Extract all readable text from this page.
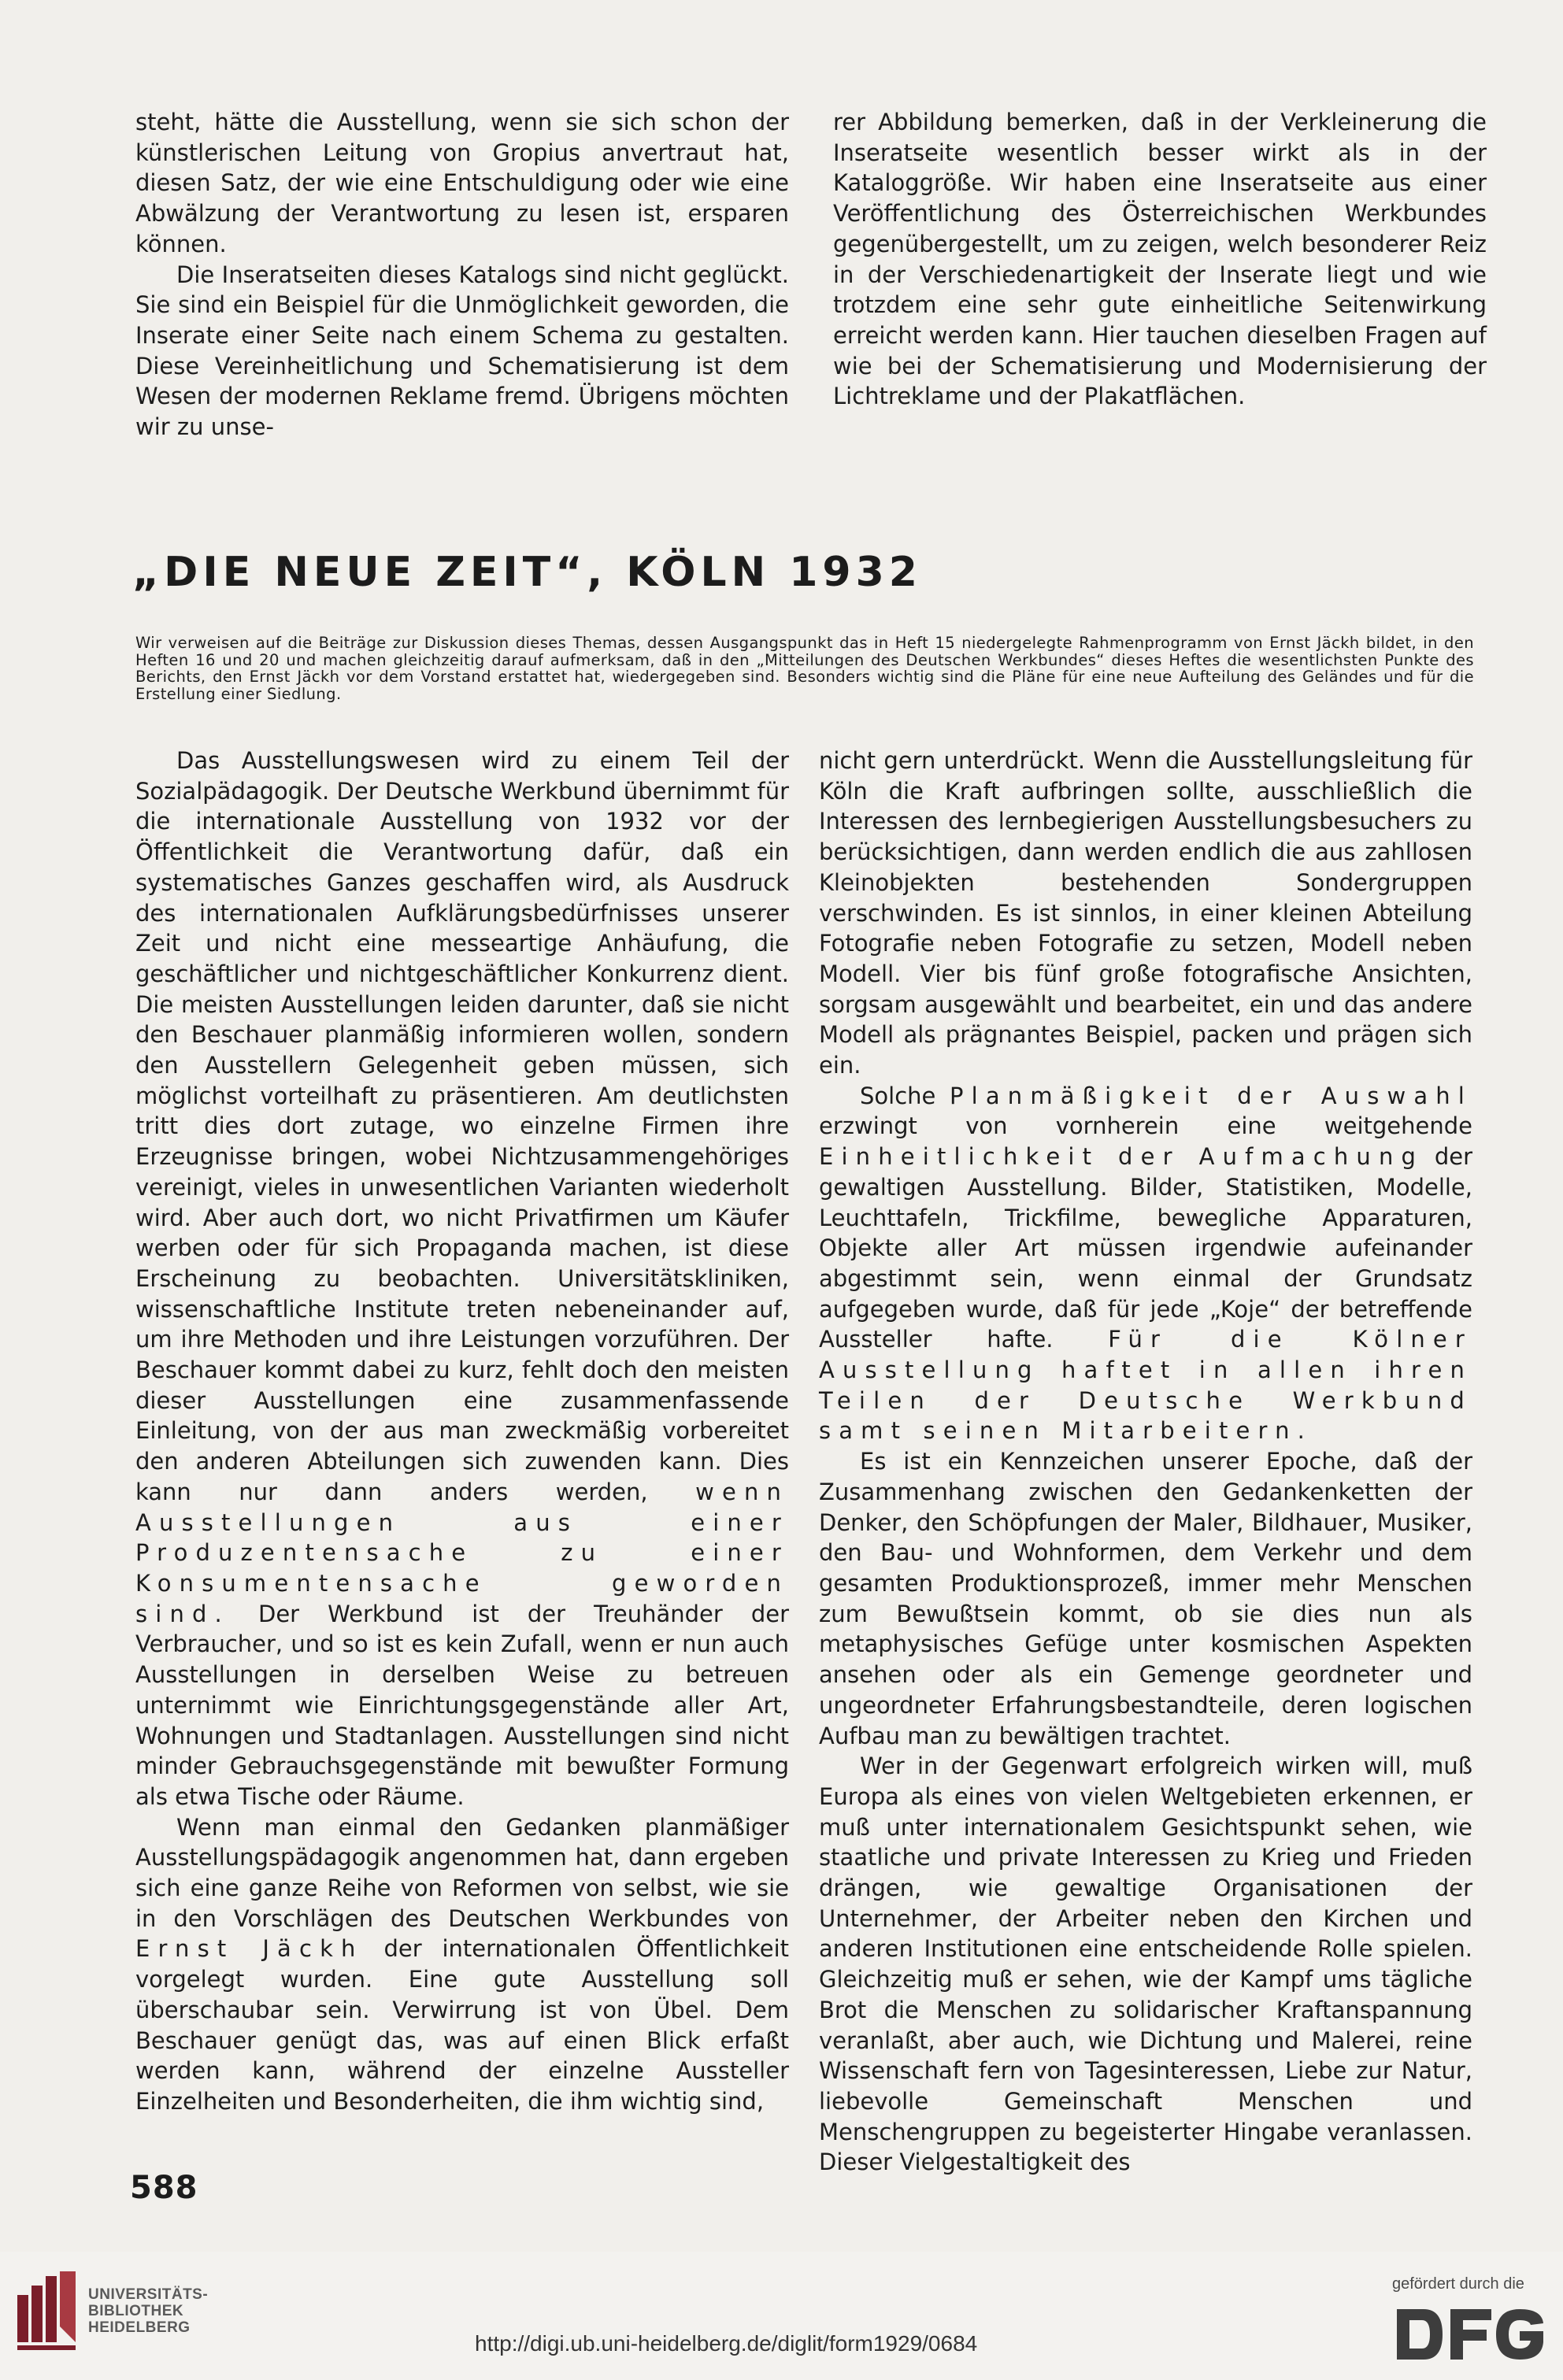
steht, hätte die Ausstellung, wenn sie sich schon der künstlerischen Leitung von Gropius anvertraut hat, diesen Satz, der wie eine Entschuldigung oder wie eine Abwälzung der Verantwortung zu lesen ist, ersparen können.

Die Inseratseiten dieses Katalogs sind nicht geglückt. Sie sind ein Beispiel für die Unmöglichkeit geworden, die Inserate einer Seite nach einem Schema zu gestalten. Diese Vereinheitlichung und Schematisierung ist dem Wesen der modernen Reklame fremd. Übrigens möchten wir zu unse-

rer Abbildung bemerken, daß in der Verkleinerung die Inseratseite wesentlich besser wirkt als in der Kataloggröße. Wir haben eine Inseratseite aus einer Veröffentlichung des Österreichischen Werkbundes gegenübergestellt, um zu zeigen, welch besonderer Reiz in der Verschiedenartigkeit der Inserate liegt und wie trotzdem eine sehr gute einheitliche Seitenwirkung erreicht werden kann. Hier tauchen dieselben Fragen auf wie bei der Schematisierung und Modernisierung der Lichtreklame und der Plakatflächen.

„DIE NEUE ZEIT“, KÖLN 1932

Wir verweisen auf die Beiträge zur Diskussion dieses Themas, dessen Ausgangspunkt das in Heft 15 niedergelegte Rahmenprogramm von Ernst Jäckh bildet, in den Heften 16 und 20 und machen gleichzeitig darauf aufmerksam, daß in den „Mitteilungen des Deutschen Werkbundes“ dieses Heftes die wesentlichsten Punkte des Berichts, den Ernst Jäckh vor dem Vorstand erstattet hat, wiedergegeben sind. Besonders wichtig sind die Pläne für eine neue Aufteilung des Geländes und für die Erstellung einer Siedlung.

Das Ausstellungswesen wird zu einem Teil der Sozialpädagogik. Der Deutsche Werkbund übernimmt für die internationale Ausstellung von 1932 vor der Öffentlichkeit die Verantwortung dafür, daß ein systematisches Ganzes geschaffen wird, als Ausdruck des internationalen Aufklärungsbedürfnisses unserer Zeit und nicht eine messeartige Anhäufung, die geschäftlicher und nichtgeschäftlicher Konkurrenz dient. Die meisten Ausstellungen leiden darunter, daß sie nicht den Beschauer planmäßig informieren wollen, sondern den Ausstellern Gelegenheit geben müssen, sich möglichst vorteilhaft zu präsentieren. Am deutlichsten tritt dies dort zutage, wo einzelne Firmen ihre Erzeugnisse bringen, wobei Nichtzusammengehöriges vereinigt, vieles in unwesentlichen Varianten wiederholt wird. Aber auch dort, wo nicht Privatfirmen um Käufer werben oder für sich Propaganda machen, ist diese Erscheinung zu beobachten. Universitätskliniken, wissenschaftliche Institute treten nebeneinander auf, um ihre Methoden und ihre Leistungen vorzuführen. Der Beschauer kommt dabei zu kurz, fehlt doch den meisten dieser Ausstellungen eine zusammenfassende Einleitung, von der aus man zweckmäßig vorbereitet den anderen Abteilungen sich zuwenden kann. Dies kann nur dann anders werden, wenn Ausstellungen aus einer Produzentensache zu einer Konsumentensache geworden sind. Der Werkbund ist der Treuhänder der Verbraucher, und so ist es kein Zufall, wenn er nun auch Ausstellungen in derselben Weise zu betreuen unternimmt wie Einrichtungsgegenstände aller Art, Wohnungen und Stadtanlagen. Ausstellungen sind nicht minder Gebrauchsgegenstände mit bewußter Formung als etwa Tische oder Räume.

Wenn man einmal den Gedanken planmäßiger Ausstellungspädagogik angenommen hat, dann ergeben sich eine ganze Reihe von Reformen von selbst, wie sie in den Vorschlägen des Deutschen Werkbundes von Ernst Jäckh der internationalen Öffentlichkeit vorgelegt wurden. Eine gute Ausstellung soll überschaubar sein. Verwirrung ist von Übel. Dem Beschauer genügt das, was auf einen Blick erfaßt werden kann, während der einzelne Aussteller Einzelheiten und Besonderheiten, die ihm wichtig sind,

nicht gern unterdrückt. Wenn die Ausstellungsleitung für Köln die Kraft aufbringen sollte, ausschließlich die Interessen des lernbegierigen Ausstellungsbesuchers zu berücksichtigen, dann werden endlich die aus zahllosen Kleinobjekten bestehenden Sondergruppen verschwinden. Es ist sinnlos, in einer kleinen Abteilung Fotografie neben Fotografie zu setzen, Modell neben Modell. Vier bis fünf große fotografische Ansichten, sorgsam ausgewählt und bearbeitet, ein und das andere Modell als prägnantes Beispiel, packen und prägen sich ein.

Solche Planmäßigkeit der Auswahl erzwingt von vornherein eine weitgehende Einheitlichkeit der Aufmachung der gewaltigen Ausstellung. Bilder, Statistiken, Modelle, Leuchttafeln, Trickfilme, bewegliche Apparaturen, Objekte aller Art müssen irgendwie aufeinander abgestimmt sein, wenn einmal der Grundsatz aufgegeben wurde, daß für jede „Koje“ der betreffende Aussteller hafte. Für die Kölner Ausstellung haftet in allen ihren Teilen der Deutsche Werkbund samt seinen Mitarbeitern.

Es ist ein Kennzeichen unserer Epoche, daß der Zusammenhang zwischen den Gedankenketten der Denker, den Schöpfungen der Maler, Bildhauer, Musiker, den Bau- und Wohnformen, dem Verkehr und dem gesamten Produktionsprozeß, immer mehr Menschen zum Bewußtsein kommt, ob sie dies nun als metaphysisches Gefüge unter kosmischen Aspekten ansehen oder als ein Gemenge geordneter und ungeordneter Erfahrungsbestandteile, deren logischen Aufbau man zu bewältigen trachtet.

Wer in der Gegenwart erfolgreich wirken will, muß Europa als eines von vielen Weltgebieten erkennen, er muß unter internationalem Gesichtspunkt sehen, wie staatliche und private Interessen zu Krieg und Frieden drängen, wie gewaltige Organisationen der Unternehmer, der Arbeiter neben den Kirchen und anderen Institutionen eine entscheidende Rolle spielen. Gleichzeitig muß er sehen, wie der Kampf ums tägliche Brot die Menschen zu solidarischer Kraftanspannung veranlaßt, aber auch, wie Dichtung und Malerei, reine Wissenschaft fern von Tagesinteressen, Liebe zur Natur, liebevolle Gemeinschaft Menschen und Menschengruppen zu begeisterter Hingabe veranlassen. Dieser Vielgestaltigkeit des

588
UNIVERSITÄTS-
BIBLIOTHEK
HEIDELBERG
http://digi.ub.uni-heidelberg.de/diglit/form1929/0684
gefördert durch die
